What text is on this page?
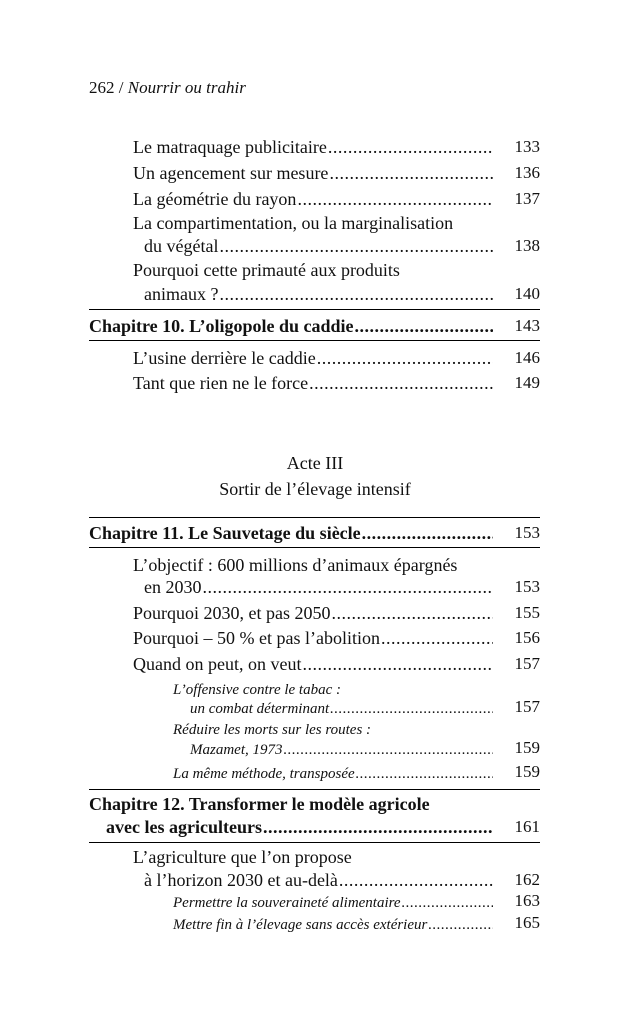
262 / Nourrir ou trahir
Le matraquage publicitaire .....	133
Un agencement sur mesure .....	136
La géométrie du rayon .....	137
La compartimentation, ou la marginalisation
du végétal .....	138
Pourquoi cette primauté aux produits
animaux ? .....	140
Chapitre 10. L’oligopole du caddie .....	143
L’usine derrière le caddie .....	146
Tant que rien ne le force .....	149
Acte III
Sortir de l’élevage intensif
Chapitre 11. Le Sauvetage du siècle .....	153
L’objectif : 600 millions d’animaux épargnés
en 2030 .....	153
Pourquoi 2030, et pas 2050 .....	155
Pourquoi – 50 % et pas l’abolition .....	156
Quand on peut, on veut .....	157
L’offensive contre le tabac :
un combat déterminant .....	157
Réduire les morts sur les routes :
Mazamet, 1973 .....	159
La même méthode, transposée .....	159
Chapitre 12. Transformer le modèle agricole
avec les agriculteurs .....	161
L’agriculture que l’on propose
à l’horizon 2030 et au-delà .....	162
Permettre la souveraineté alimentaire .....	163
Mettre fin à l’élevage sans accès extérieur .....	165
